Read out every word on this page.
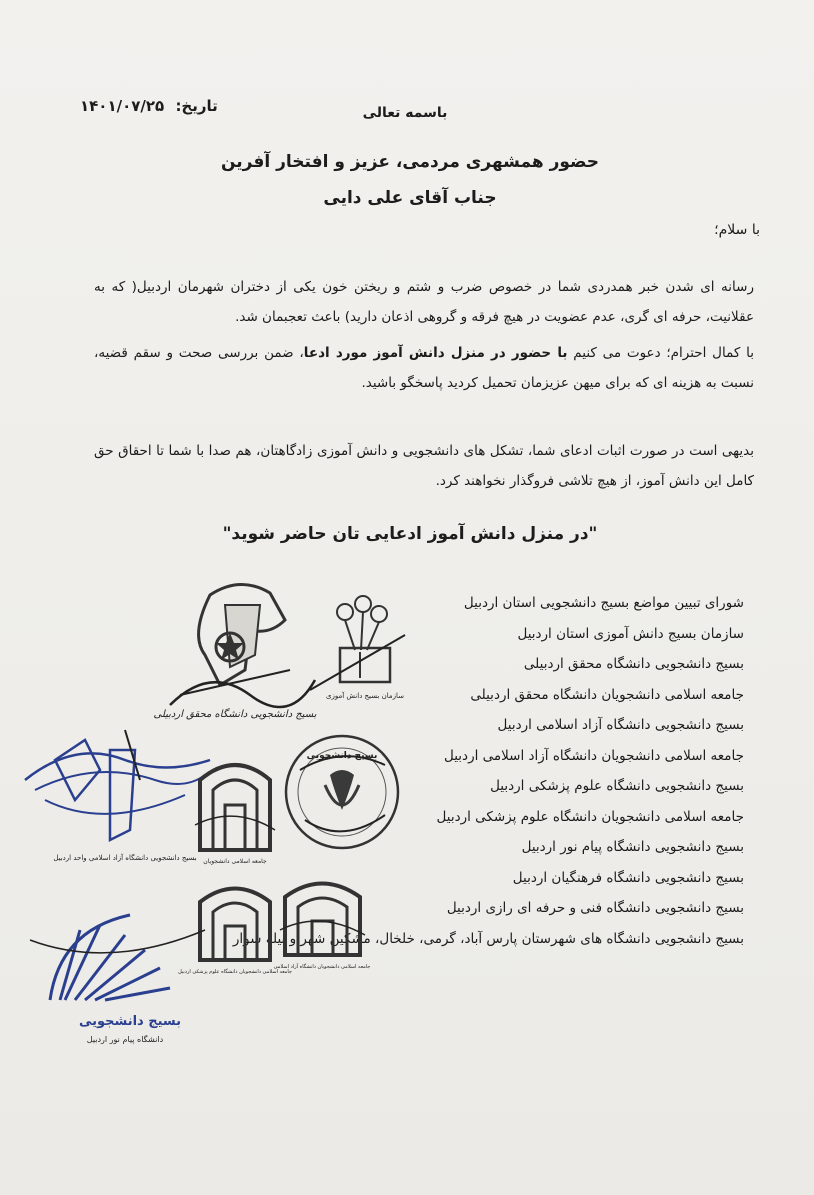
تاریخ: ۱۴۰۱/۰۷/۲۵	باسمه تعالی
حضور همشهری مردمی، عزیز و افتخار آفرین
جناب آقای علی دایی
با سلام؛

رسانه ای شدن خبر همدردی شما در خصوص ضرب و شتم و ریختن خون یکی از دختران شهرمان اردبیل( که به عقلانیت، حرفه ای گری، عدم عضویت در هیچ فرقه و گروهی اذعان دارید) باعث تعجبمان شد.

با کمال احترام؛ دعوت می کنیم با حضور در منزل دانش آموز مورد ادعا، ضمن بررسی صحت و سقم قضیه، نسبت به هزینه ای که برای میهن عزیزمان تحمیل کردید پاسخگو باشید.

بدیهی است در صورت اثبات ادعای شما، تشکل های دانشجویی و دانش آموزی زادگاهتان، هم صدا با شما تا احقاق حق کامل این دانش آموز، از هیچ تلاشی فروگذار نخواهند کرد.

"در منزل دانش آموز ادعایی تان حاضر شوید"
شورای تبیین مواضع بسیج دانشجویی استان اردبیل
سازمان بسیج دانش آموزی استان اردبیل
بسیج دانشجویی دانشگاه محقق اردبیلی
جامعه اسلامی دانشجویان دانشگاه محقق اردبیلی
بسیج دانشجویی دانشگاه آزاد اسلامی اردبیل
جامعه اسلامی دانشجویان دانشگاه آزاد اسلامی اردبیل
بسیج دانشجویی دانشگاه علوم پزشکی اردبیل
جامعه اسلامی دانشجویان دانشگاه علوم پزشکی اردبیل
بسیج دانشجویی دانشگاه پیام نور اردبیل
بسیج دانشجویی دانشگاه فرهنگیان اردبیل
بسیج دانشجویی دانشگاه فنی و حرفه ای رازی اردبیل
بسیج دانشجویی دانشگاه های شهرستان پارس آباد، گرمی، خلخال، مشکین شهر و بیله سوار
بسیج دانشجویی دانشگاه محقق اردبیلی
سازمان بسیج دانش آموزی
بسیج دانشجویی دانشگاه آزاد اسلامی واحد اردبیل
بسیج دانشجویی
جامعه اسلامی دانشجویان
جامعه اسلامی دانشجویان دانشگاه علوم پزشکی اردبیل
جامعه اسلامی دانشجویان دانشگاه آزاد اسلامی
بسیج دانشجویی
دانشگاه پیام نور اردبیل
